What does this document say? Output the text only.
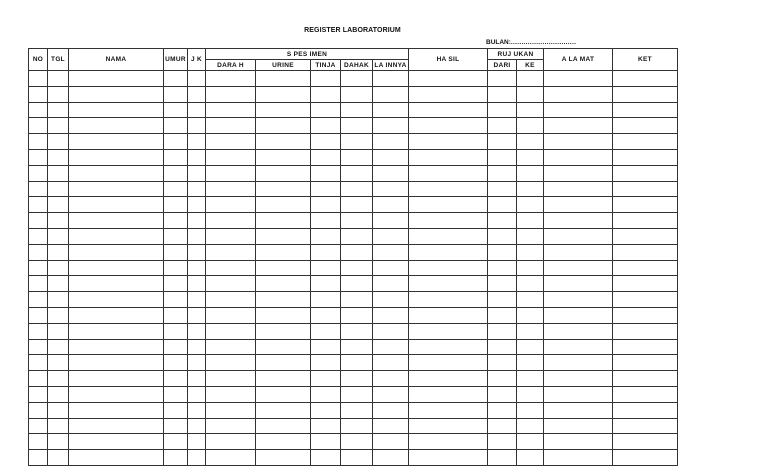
REGISTER LABORATORIUM
BULAN:...............................
NO	TGL	NAMA	UMUR	J K	S PES IMEN					HA SIL	RUJ UKAN		A LA MAT	KET
					DARA H	URINE	TINJA	DAHAK	LA INNYA		DARI	KE		
